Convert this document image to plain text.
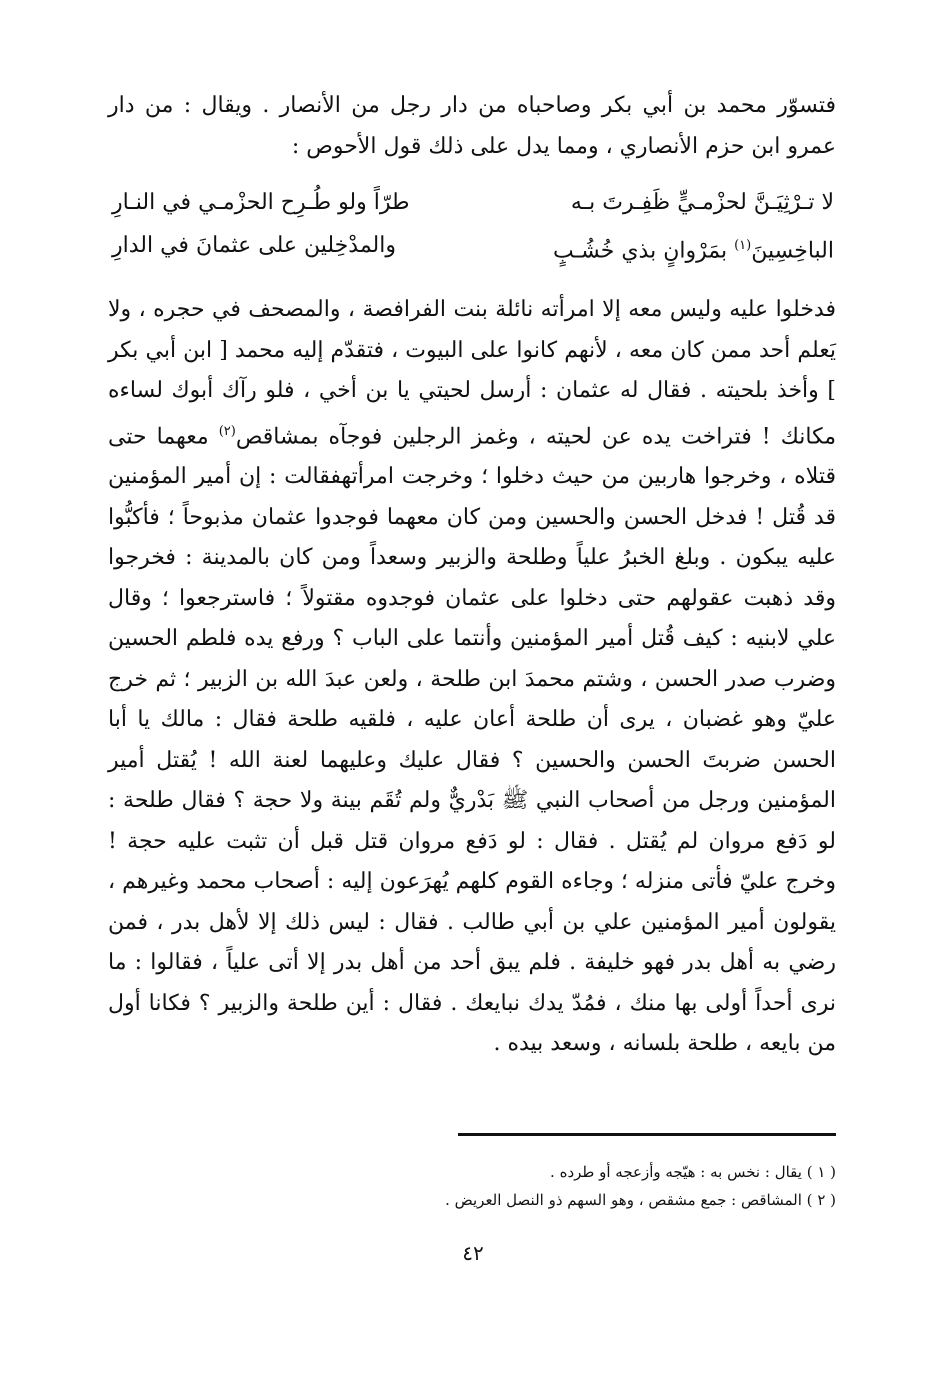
فتسوّر محمد بن أبي بكر وصاحباه من دار رجل من الأنصار . ويقال : من دار عمرو ابن حزم الأنصاري ، ومما يدل على ذلك قول الأحوص :

لا تـرْثِيَـنَّ لحزْمـيٍّ ظَفِـرتَ بـه
طرّاً ولو طُـرِح الحزْمـي في النـارِ
الباخِسِينَ$^{(١)}$ بمَرْوانٍ بذي خُشُـبٍ
والمدْخِلين على عثمانَ في الدارِ

فدخلوا عليه وليس معه إلا امرأته نائلة بنت الفرافصة ، والمصحف في حجره ، ولا يَعلم أحد ممن كان معه ، لأنهم كانوا على البيوت ، فتقدّم إليه محمد [ ابن أبي بكر ] وأخذ بلحيته . فقال له عثمان : أرسل لحيتي يا بن أخي ، فلو رآك أبوك لساءه مكانك ! فتراخت يده عن لحيته ، وغمز الرجلين فوجآه بمشاقص$^{(٢)}$ معهما حتى قتلاه ، وخرجوا هاربين من حيث دخلوا ؛ وخرجت امرأتهفقالت : إن أمير المؤمنين قد قُتل ! فدخل الحسن والحسين ومن كان معهما فوجدوا عثمان مذبوحاً ؛ فأكبُّوا عليه يبكون . وبلغ الخبرُ علياً وطلحة والزبير وسعداً ومن كان بالمدينة : فخرجوا وقد ذهبت عقولهم حتى دخلوا على عثمان فوجدوه مقتولاً ؛ فاسترجعوا ؛ وقال علي لابنيه : كيف قُتل أمير المؤمنين وأنتما على الباب ؟ ورفع يده فلطم الحسين وضرب صدر الحسن ، وشتم محمدَ ابن طلحة ، ولعن عبدَ الله بن الزبير ؛ ثم خرج عليّ وهو غضبان ، يرى أن طلحة أعان عليه ، فلقيه طلحة فقال : مالك يا أبا الحسن ضربتَ الحسن والحسين ؟ فقال عليك وعليهما لعنة الله ! يُقتل أمير المؤمنين ورجل من أصحاب النبي ﷺ بَدْريٌّ ولم تُقَم بينة ولا حجة ؟ فقال طلحة : لو دَفع مروان لم يُقتل . فقال : لو دَفع مروان قتل قبل أن تثبت عليه حجة ! وخرج عليّ فأتى منزله ؛ وجاءه القوم كلهم يُهرَعون إليه : أصحاب محمد وغيرهم ، يقولون أمير المؤمنين علي بن أبي طالب . فقال : ليس ذلك إلا لأهل بدر ، فمن رضي به أهل بدر فهو خليفة . فلم يبق أحد من أهل بدر إلا أتى علياً ، فقالوا : ما نرى أحداً أولى بها منك ، فمُدّ يدك نبايعك . فقال : أين طلحة والزبير ؟ فكانا أول من بايعه ، طلحة بلسانه ، وسعد بيده .

( ١ ) يقال : نخس به : هيّجه وأزعجه أو طرده .

( ٢ ) المشاقص : جمع مشقص ، وهو السهم ذو النصل العريض .

٤٢
